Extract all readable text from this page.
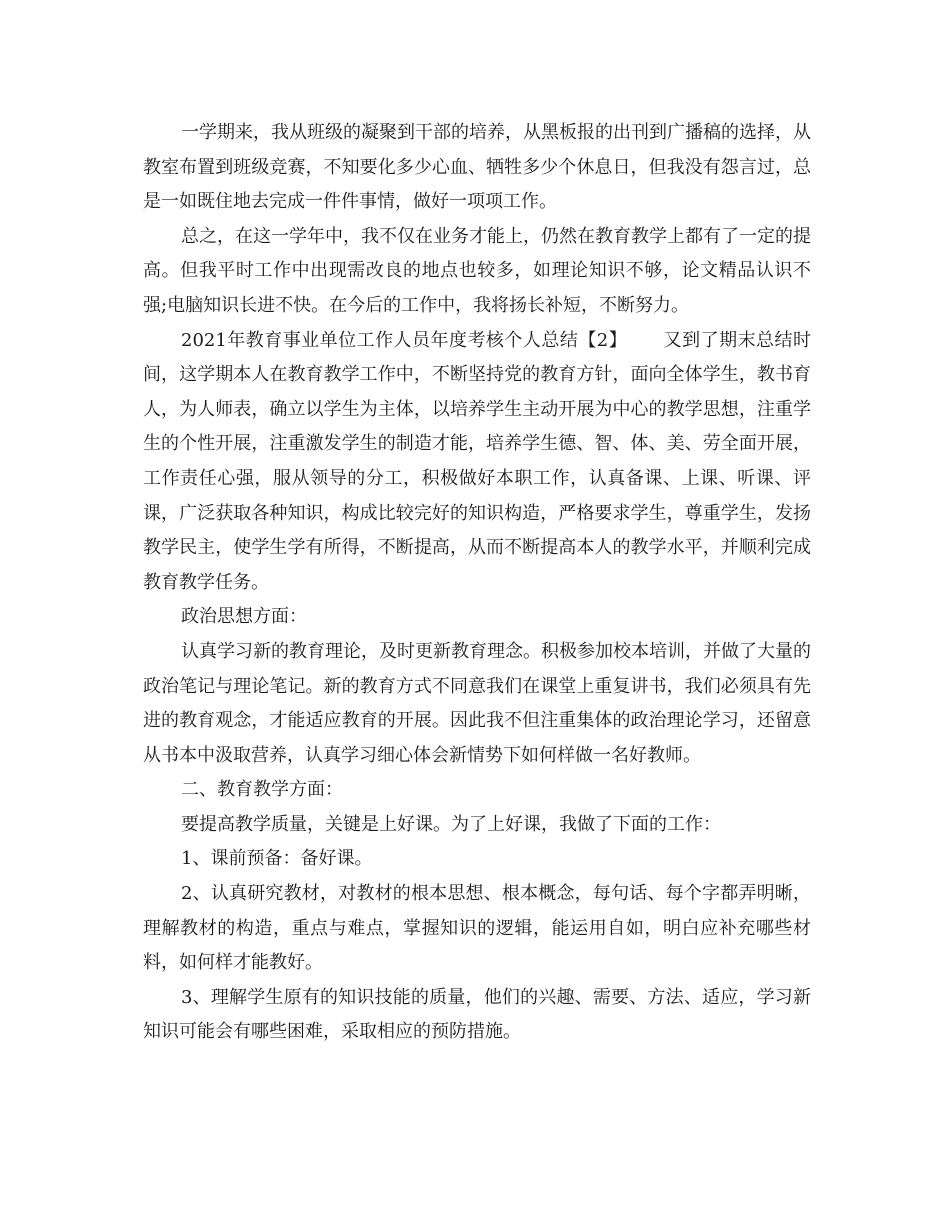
一学期来，我从班级的凝聚到干部的培养，从黑板报的出刊到广播稿的选择，从教室布置到班级竞赛，不知要化多少心血、牺牲多少个休息日，但我没有怨言过，总是一如既住地去完成一件件事情，做好一项项工作。

总之，在这一学年中，我不仅在业务才能上，仍然在教育教学上都有了一定的提高。但我平时工作中出现需改良的地点也较多，如理论知识不够，论文精品认识不强;电脑知识长进不快。在今后的工作中，我将扬长补短，不断努力。

2021年教育事业单位工作人员年度考核个人总结【2】 又到了期末总结时间，这学期本人在教育教学工作中，不断坚持党的教育方针，面向全体学生，教书育人，为人师表，确立以学生为主体，以培养学生主动开展为中心的教学思想，注重学生的个性开展，注重激发学生的制造才能，培养学生德、智、体、美、劳全面开展，工作责任心强，服从领导的分工，积极做好本职工作，认真备课、上课、听课、评课，广泛获取各种知识，构成比较完好的知识构造，严格要求学生，尊重学生，发扬教学民主，使学生学有所得，不断提高，从而不断提高本人的教学水平，并顺利完成教育教学任务。

政治思想方面：

认真学习新的教育理论，及时更新教育理念。积极参加校本培训，并做了大量的政治笔记与理论笔记。新的教育方式不同意我们在课堂上重复讲书，我们必须具有先进的教育观念，才能适应教育的开展。因此我不但注重集体的政治理论学习，还留意从书本中汲取营养，认真学习细心体会新情势下如何样做一名好教师。

二、教育教学方面：

要提高教学质量，关键是上好课。为了上好课，我做了下面的工作：

1、课前预备：备好课。

2、认真研究教材，对教材的根本思想、根本概念，每句话、每个字都弄明晰，理解教材的构造，重点与难点，掌握知识的逻辑，能运用自如，明白应补充哪些材料，如何样才能教好。

3、理解学生原有的知识技能的质量，他们的兴趣、需要、方法、适应，学习新知识可能会有哪些困难，采取相应的预防措施。
